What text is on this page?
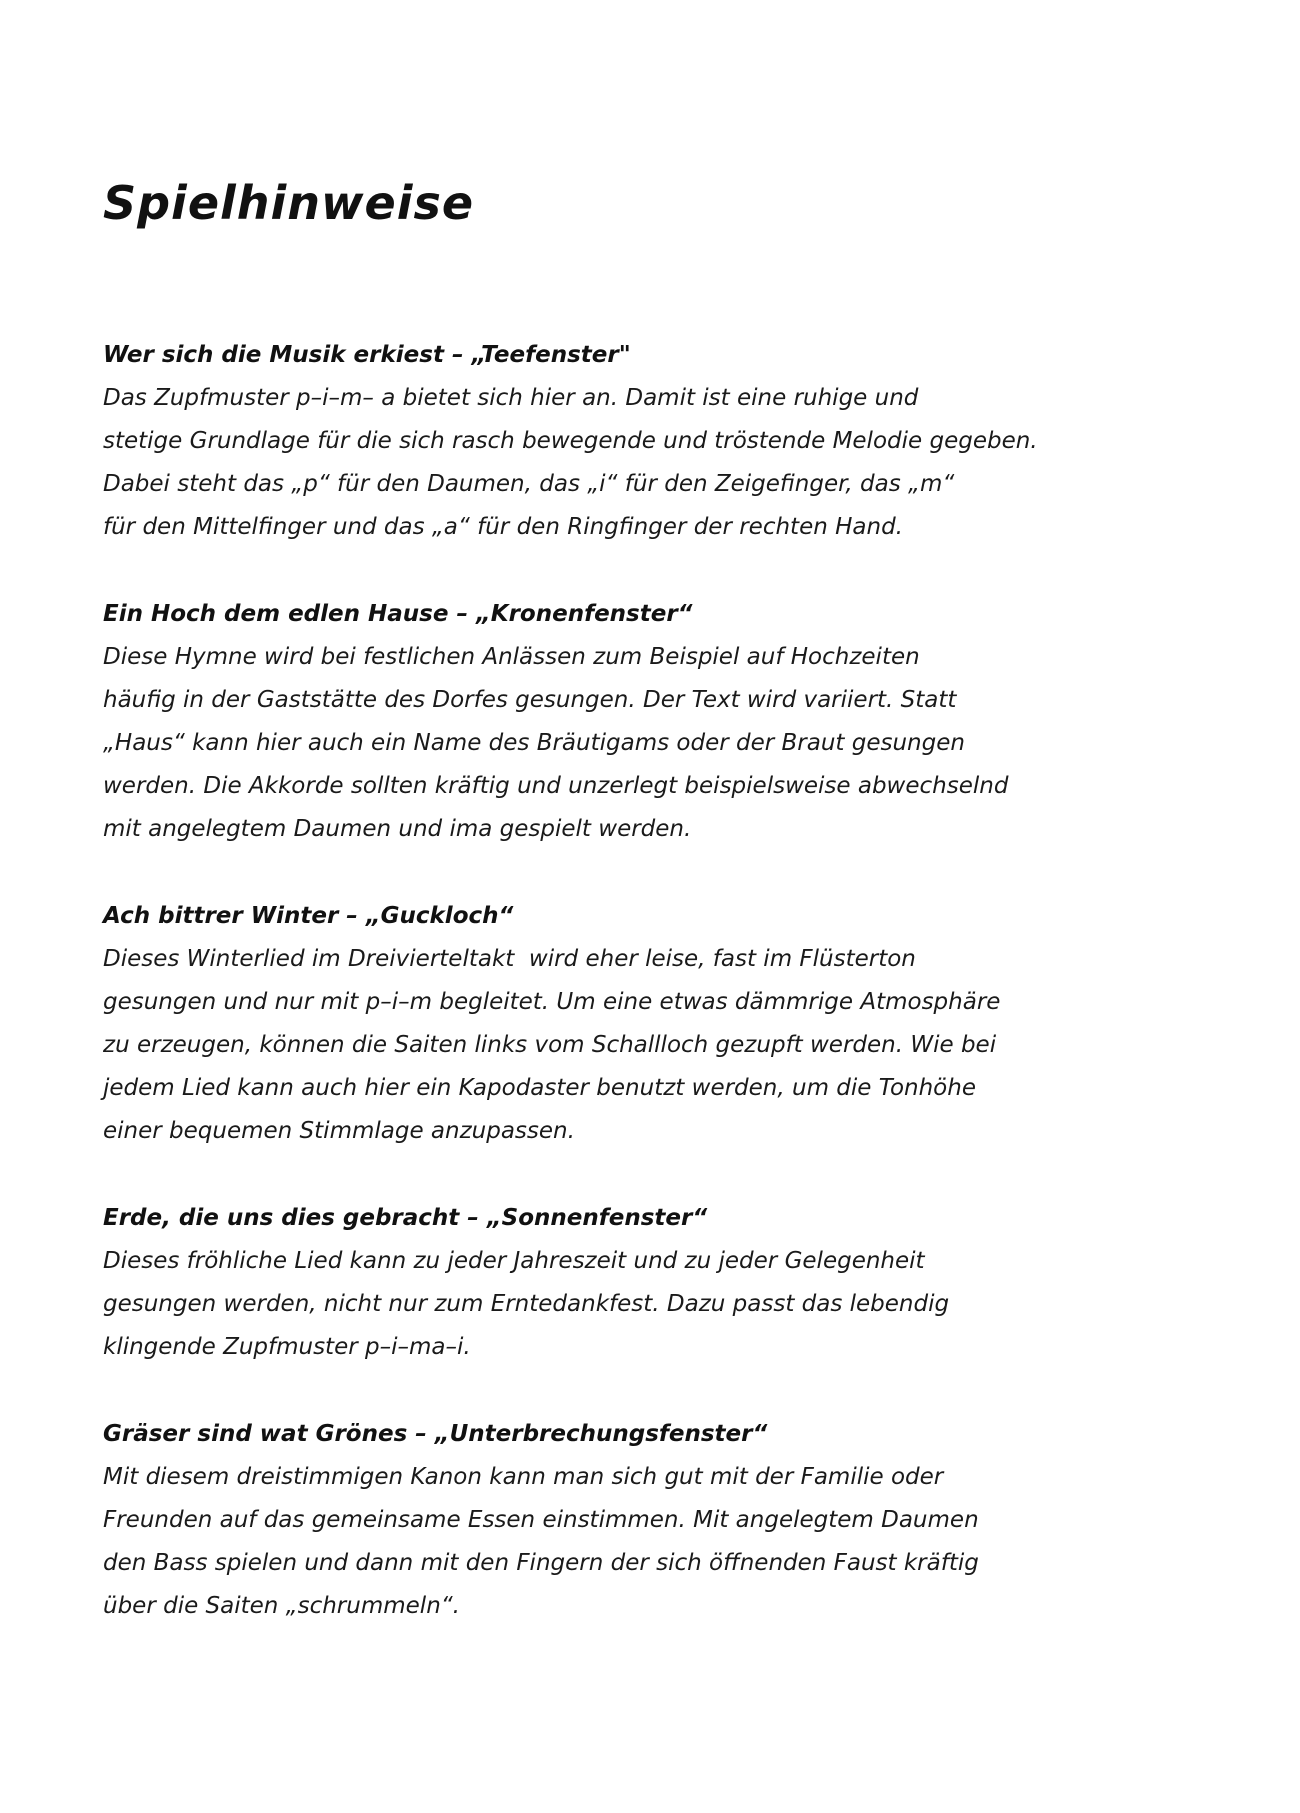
Spielhinweise
Wer sich die Musik erkiest – „Teefenster"
Das Zupfmuster p–i–m– a bietet sich hier an. Damit ist eine ruhige und
stetige Grundlage für die sich rasch bewegende und tröstende Melodie gegeben.
Dabei steht das „p“ für den Daumen, das „i“ für den Zeigefinger, das „m“
für den Mittelfinger und das „a“ für den Ringfinger der rechten Hand.
Ein Hoch dem edlen Hause – „Kronenfenster“
Diese Hymne wird bei festlichen Anlässen zum Beispiel auf Hochzeiten
häufig in der Gaststätte des Dorfes gesungen. Der Text wird variiert. Statt
„Haus“ kann hier auch ein Name des Bräutigams oder der Braut gesungen
werden. Die Akkorde sollten kräftig und unzerlegt beispielsweise abwechselnd
mit angelegtem Daumen und ima gespielt werden.
Ach bittrer Winter – „Guckloch“
Dieses Winterlied im Dreivierteltakt  wird eher leise, fast im Flüsterton
gesungen und nur mit p–i–m begleitet. Um eine etwas dämmrige Atmosphäre
zu erzeugen, können die Saiten links vom Schallloch gezupft werden. Wie bei
jedem Lied kann auch hier ein Kapodaster benutzt werden, um die Tonhöhe
einer bequemen Stimmlage anzupassen.
Erde, die uns dies gebracht – „Sonnenfenster“
Dieses fröhliche Lied kann zu jeder Jahreszeit und zu jeder Gelegenheit
gesungen werden, nicht nur zum Erntedankfest. Dazu passt das lebendig
klingende Zupfmuster p–i–ma–i.
Gräser sind wat Grönes – „Unterbrechungsfenster“
Mit diesem dreistimmigen Kanon kann man sich gut mit der Familie oder
Freunden auf das gemeinsame Essen einstimmen. Mit angelegtem Daumen
den Bass spielen und dann mit den Fingern der sich öffnenden Faust kräftig
über die Saiten „schrummeln“.
